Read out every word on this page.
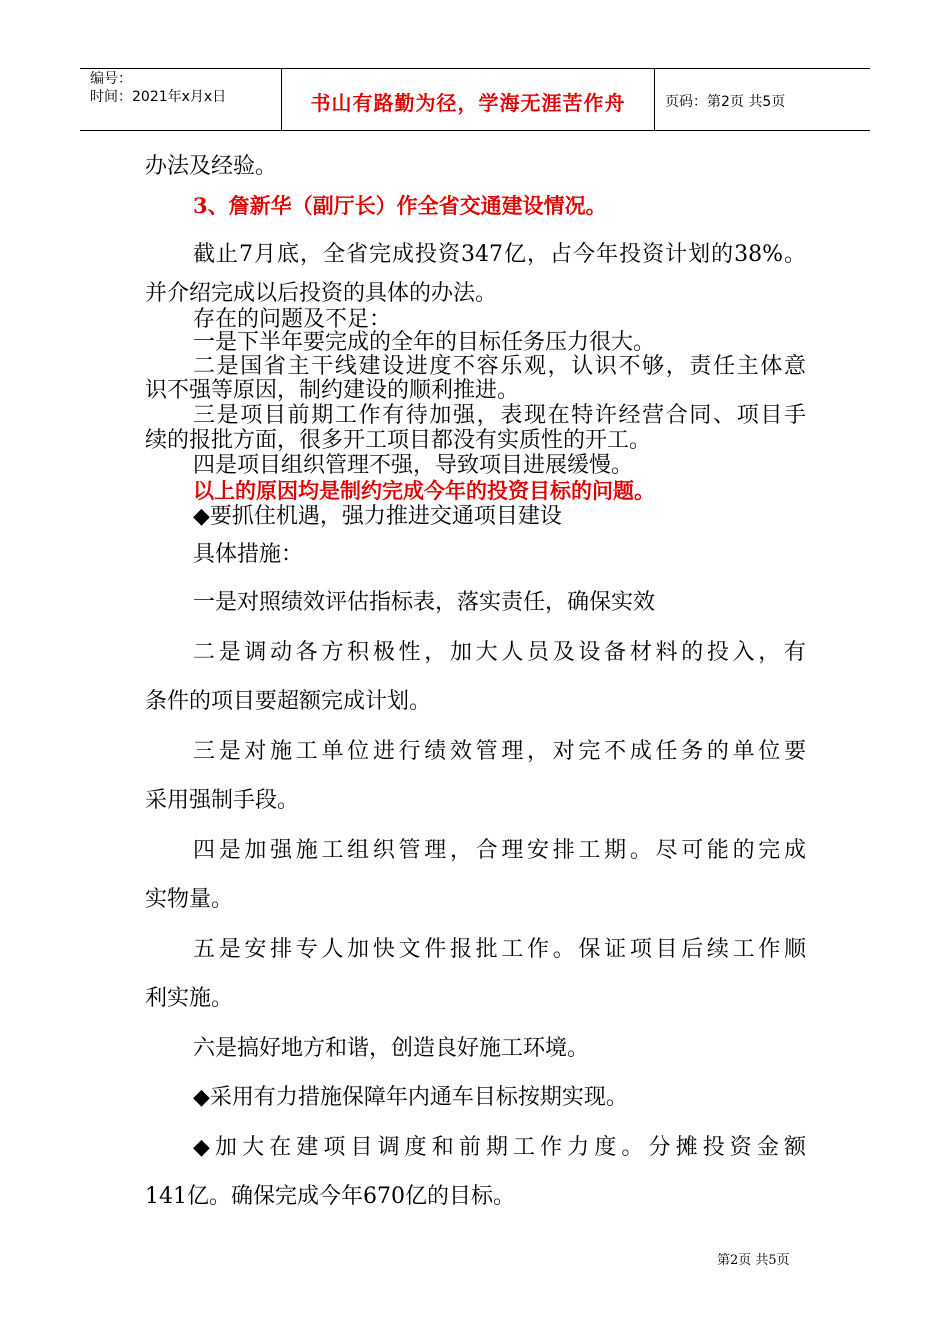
编号：
时间：2021年x月x日	书山有路勤为径，学海无涯苦作舟	页码：第2页 共5页
办法及经验。
3、詹新华（副厅长）作全省交通建设情况。
截止7月底，全省完成投资347亿，占今年投资计划的38%。
并介绍完成以后投资的具体的办法。
存在的问题及不足：
一是下半年要完成的全年的目标任务压力很大。
二是国省主干线建设进度不容乐观，认识不够，责任主体意
识不强等原因，制约建设的顺利推进。
三是项目前期工作有待加强，表现在特许经营合同、项目手
续的报批方面，很多开工项目都没有实质性的开工。
四是项目组织管理不强，导致项目进展缓慢。
以上的原因均是制约完成今年的投资目标的问题。
◆要抓住机遇，强力推进交通项目建设
具体措施：
一是对照绩效评估指标表，落实责任，确保实效
二是调动各方积极性，加大人员及设备材料的投入，有
条件的项目要超额完成计划。
三是对施工单位进行绩效管理，对完不成任务的单位要
采用强制手段。
四是加强施工组织管理，合理安排工期。尽可能的完成
实物量。
五是安排专人加快文件报批工作。保证项目后续工作顺
利实施。
六是搞好地方和谐，创造良好施工环境。
◆采用有力措施保障年内通车目标按期实现。
◆加大在建项目调度和前期工作力度。分摊投资金额
141亿。确保完成今年670亿的目标。
第2页 共5页
